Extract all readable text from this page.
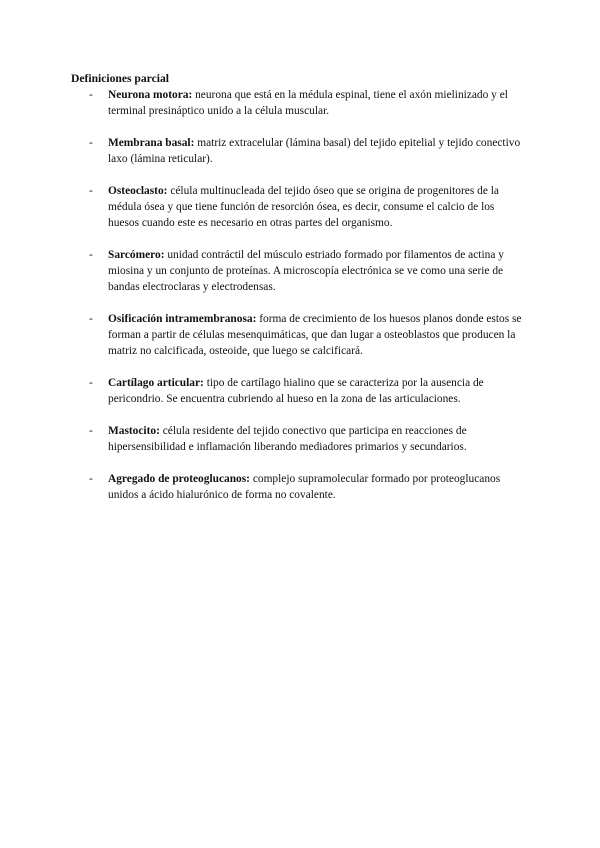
Definiciones parcial

- Neurona motora: neurona que está en la médula espinal, tiene el axón mielinizado y el terminal presináptico unido a la célula muscular.
- Membrana basal: matriz extracelular (lámina basal) del tejido epitelial y tejido conectivo laxo (lámina reticular).
- Osteoclasto: célula multinucleada del tejido óseo que se origina de progenitores de la médula ósea y que tiene función de resorción ósea, es decir, consume el calcio de los huesos cuando este es necesario en otras partes del organismo.
- Sarcómero: unidad contráctil del músculo estriado formado por filamentos de actina y miosina y un conjunto de proteínas. A microscopía electrónica se ve como una serie de bandas electroclaras y electrodensas.
- Osificación intramembranosa: forma de crecimiento de los huesos planos donde estos se forman a partir de células mesenquimáticas, que dan lugar a osteoblastos que producen la matriz no calcificada, osteoide, que luego se calcificará.
- Cartílago articular: tipo de cartílago hialino que se caracteriza por la ausencia de pericondrio. Se encuentra cubriendo al hueso en la zona de las articulaciones.
- Mastocito: célula residente del tejido conectivo que participa en reacciones de hipersensibilidad e inflamación liberando mediadores primarios y secundarios.
- Agregado de proteoglucanos: complejo supramolecular formado por proteoglucanos unidos a ácido hialurónico de forma no covalente.
